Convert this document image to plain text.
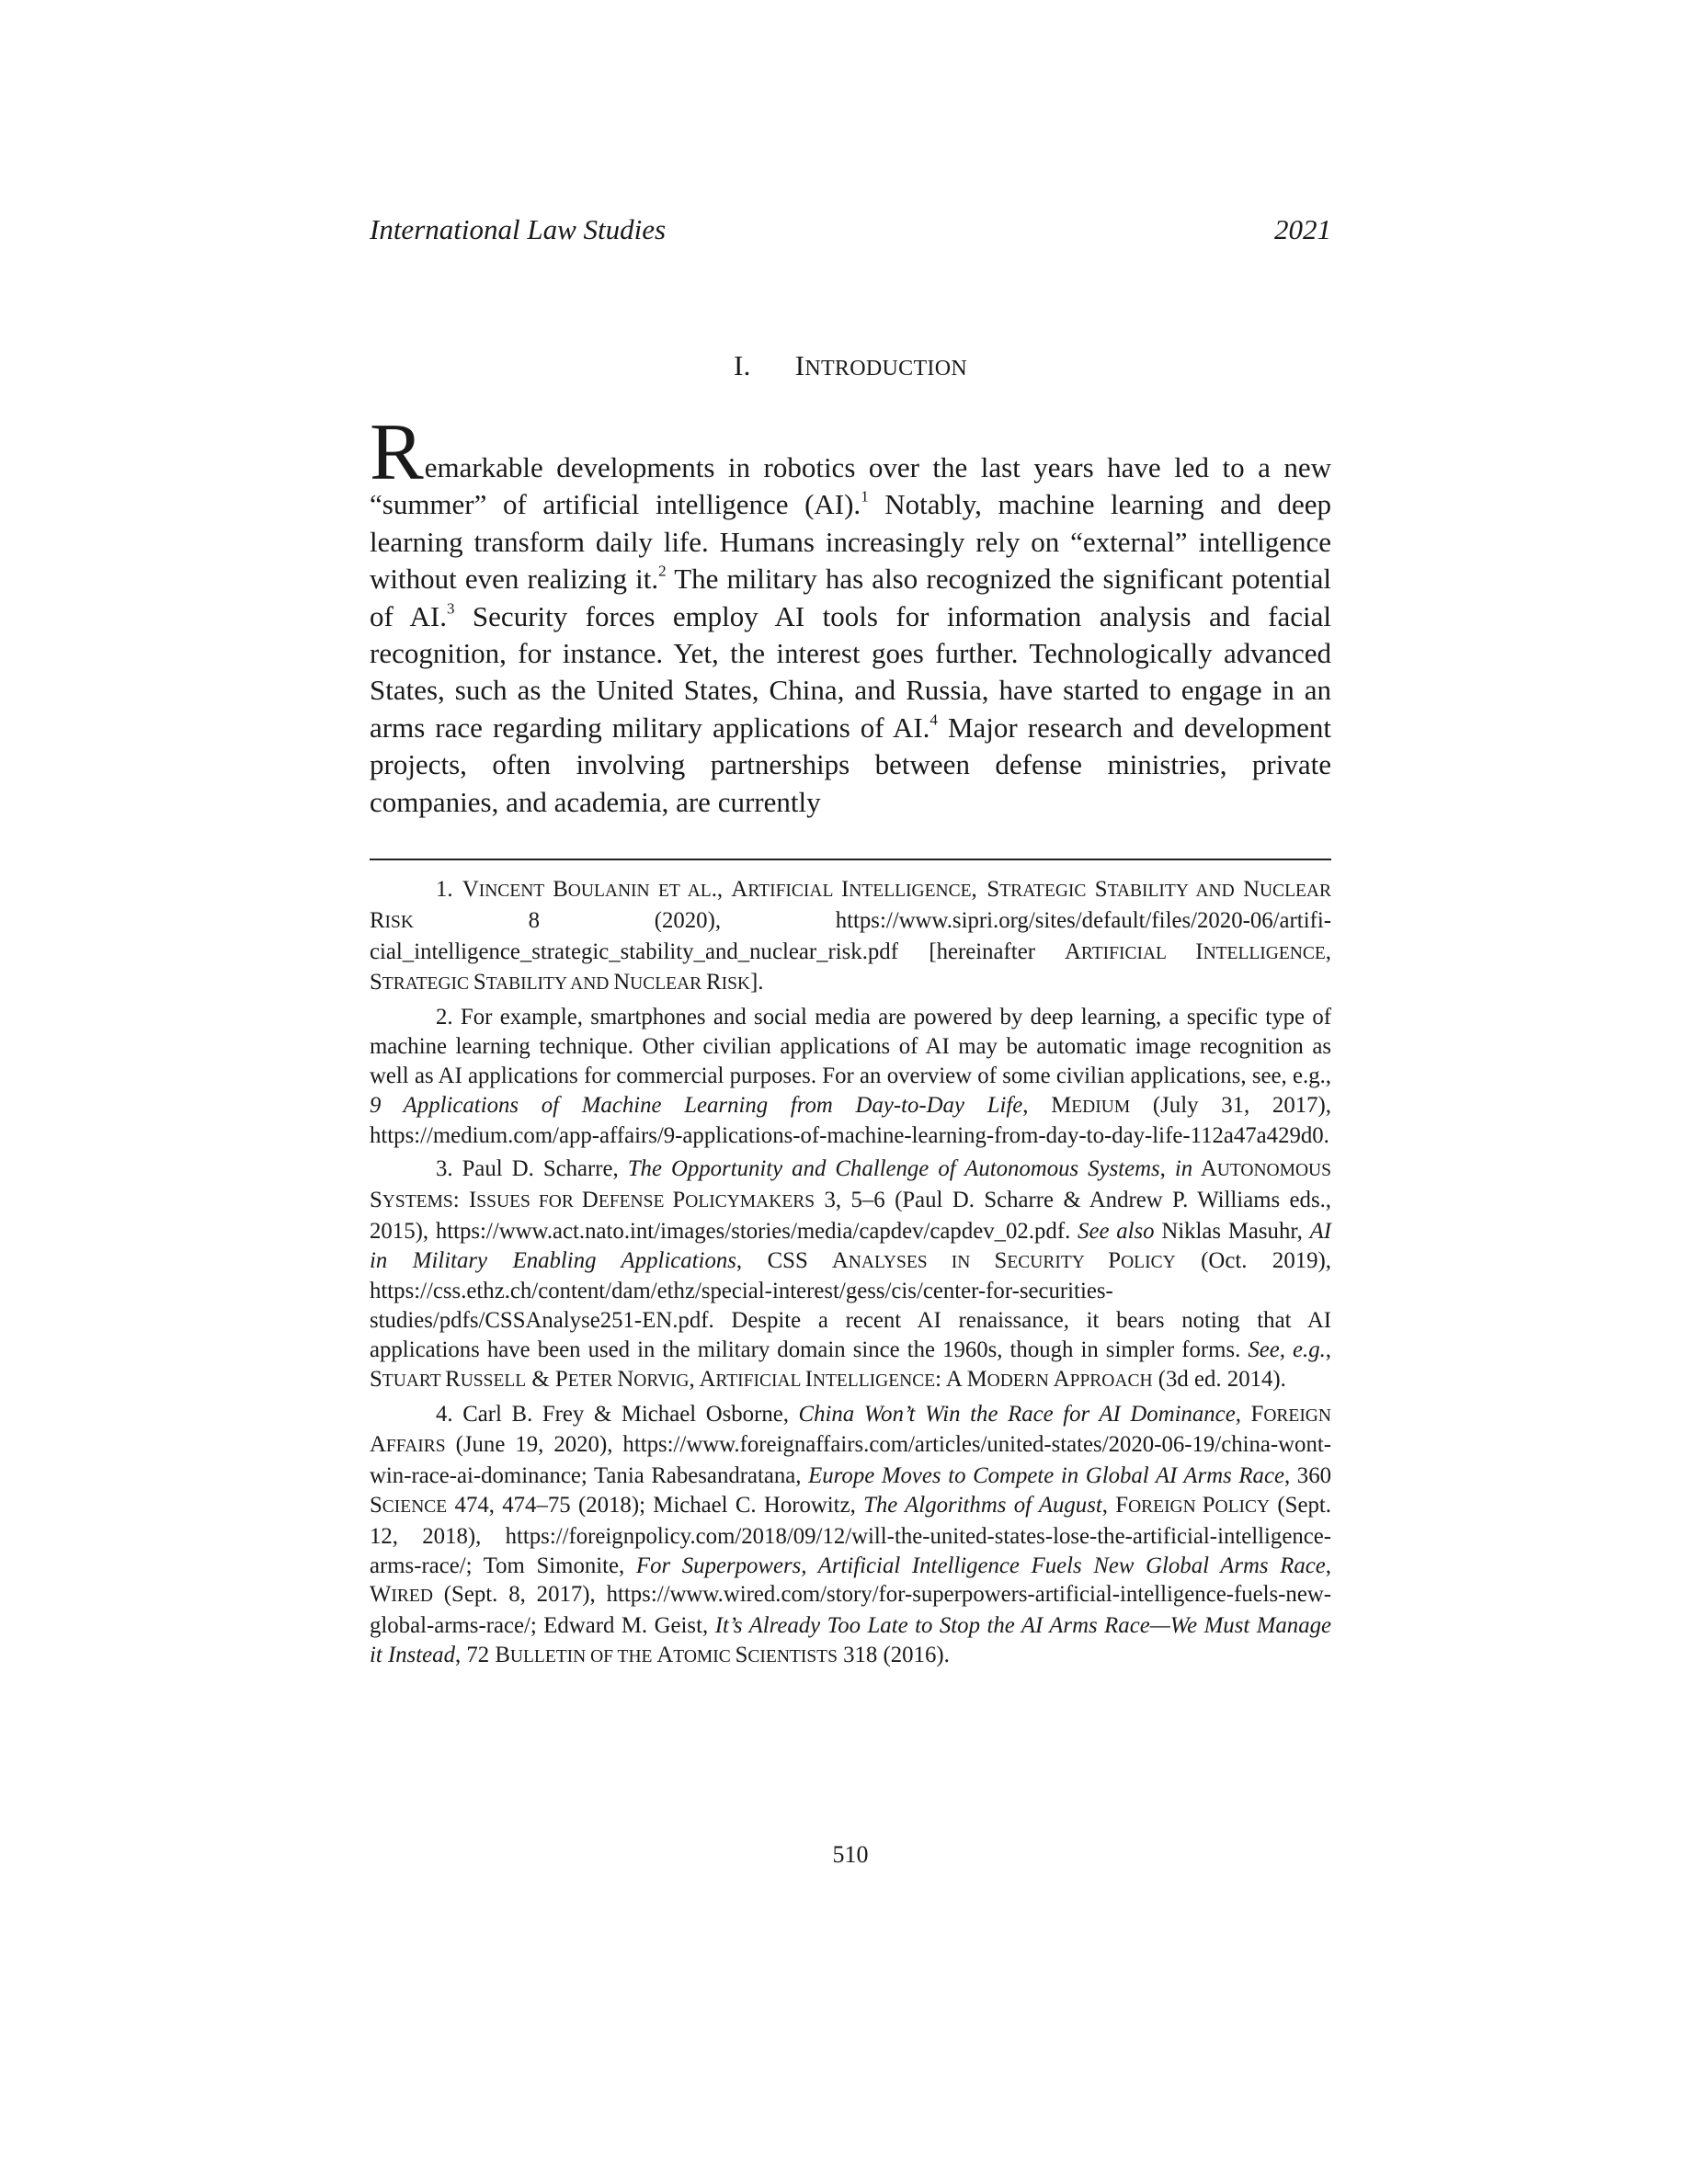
International Law Studies	2021
I. INTRODUCTION
Remarkable developments in robotics over the last years have led to a new “summer” of artificial intelligence (AI).$^1$ Notably, machine learning and deep learning transform daily life. Humans increasingly rely on “external” intelligence without even realizing it.$^2$ The military has also recognized the significant potential of AI.$^3$ Security forces employ AI tools for information analysis and facial recognition, for instance. Yet, the interest goes further. Technologically advanced States, such as the United States, China, and Russia, have started to engage in an arms race regarding military applications of AI.$^4$ Major research and development projects, often involving partnerships between defense ministries, private companies, and academia, are currently

1. VINCENT BOULANIN ET AL., ARTIFICIAL INTELLIGENCE, STRATEGIC STABILITY AND NUCLEAR RISK 8 (2020), https://www.sipri.org/sites/default/files/2020-06/artificial_intelligence_strategic_stability_and_nuclear_risk.pdf [hereinafter ARTIFICIAL INTELLIGENCE, STRATEGIC STABILITY AND NUCLEAR RISK].

2. For example, smartphones and social media are powered by deep learning, a specific type of machine learning technique. Other civilian applications of AI may be automatic image recognition as well as AI applications for commercial purposes. For an overview of some civilian applications, see, e.g., 9 Applications of Machine Learning from Day-to-Day Life, MEDIUM (July 31, 2017), https://medium.com/app-affairs/9-applications-of-machine-learning-from-day-to-day-life-112a47a429d0.

3. Paul D. Scharre, The Opportunity and Challenge of Autonomous Systems, in AUTONOMOUS SYSTEMS: ISSUES FOR DEFENSE POLICYMAKERS 3, 5–6 (Paul D. Scharre & Andrew P. Williams eds., 2015), https://www.act.nato.int/images/stories/media/capdev/capdev_02.pdf. See also Niklas Masuhr, AI in Military Enabling Applications, CSS ANALYSES IN SECURITY POLICY (Oct. 2019), https://css.ethz.ch/content/dam/ethz/special-interest/gess/cis/center-for-securities-studies/pdfs/CSSAnalyse251-EN.pdf. Despite a recent AI renaissance, it bears noting that AI applications have been used in the military domain since the 1960s, though in simpler forms. See, e.g., STUART RUSSELL & PETER NORVIG, ARTIFICIAL INTELLIGENCE: A MODERN APPROACH (3d ed. 2014).

4. Carl B. Frey & Michael Osborne, China Won’t Win the Race for AI Dominance, FOREIGN AFFAIRS (June 19, 2020), https://www.foreignaffairs.com/articles/united-states/2020-06-19/china-wont-win-race-ai-dominance; Tania Rabesandratana, Europe Moves to Compete in Global AI Arms Race, 360 SCIENCE 474, 474–75 (2018); Michael C. Horowitz, The Algorithms of August, FOREIGN POLICY (Sept. 12, 2018), https://foreignpolicy.com/2018/09/12/will-the-united-states-lose-the-artificial-intelligence-arms-race/; Tom Simonite, For Superpowers, Artificial Intelligence Fuels New Global Arms Race, WIRED (Sept. 8, 2017), https://www.wired.com/story/for-superpowers-artificial-intelligence-fuels-new-global-arms-race/; Edward M. Geist, It’s Already Too Late to Stop the AI Arms Race—We Must Manage it Instead, 72 BULLETIN OF THE ATOMIC SCIENTISTS 318 (2016).

510
